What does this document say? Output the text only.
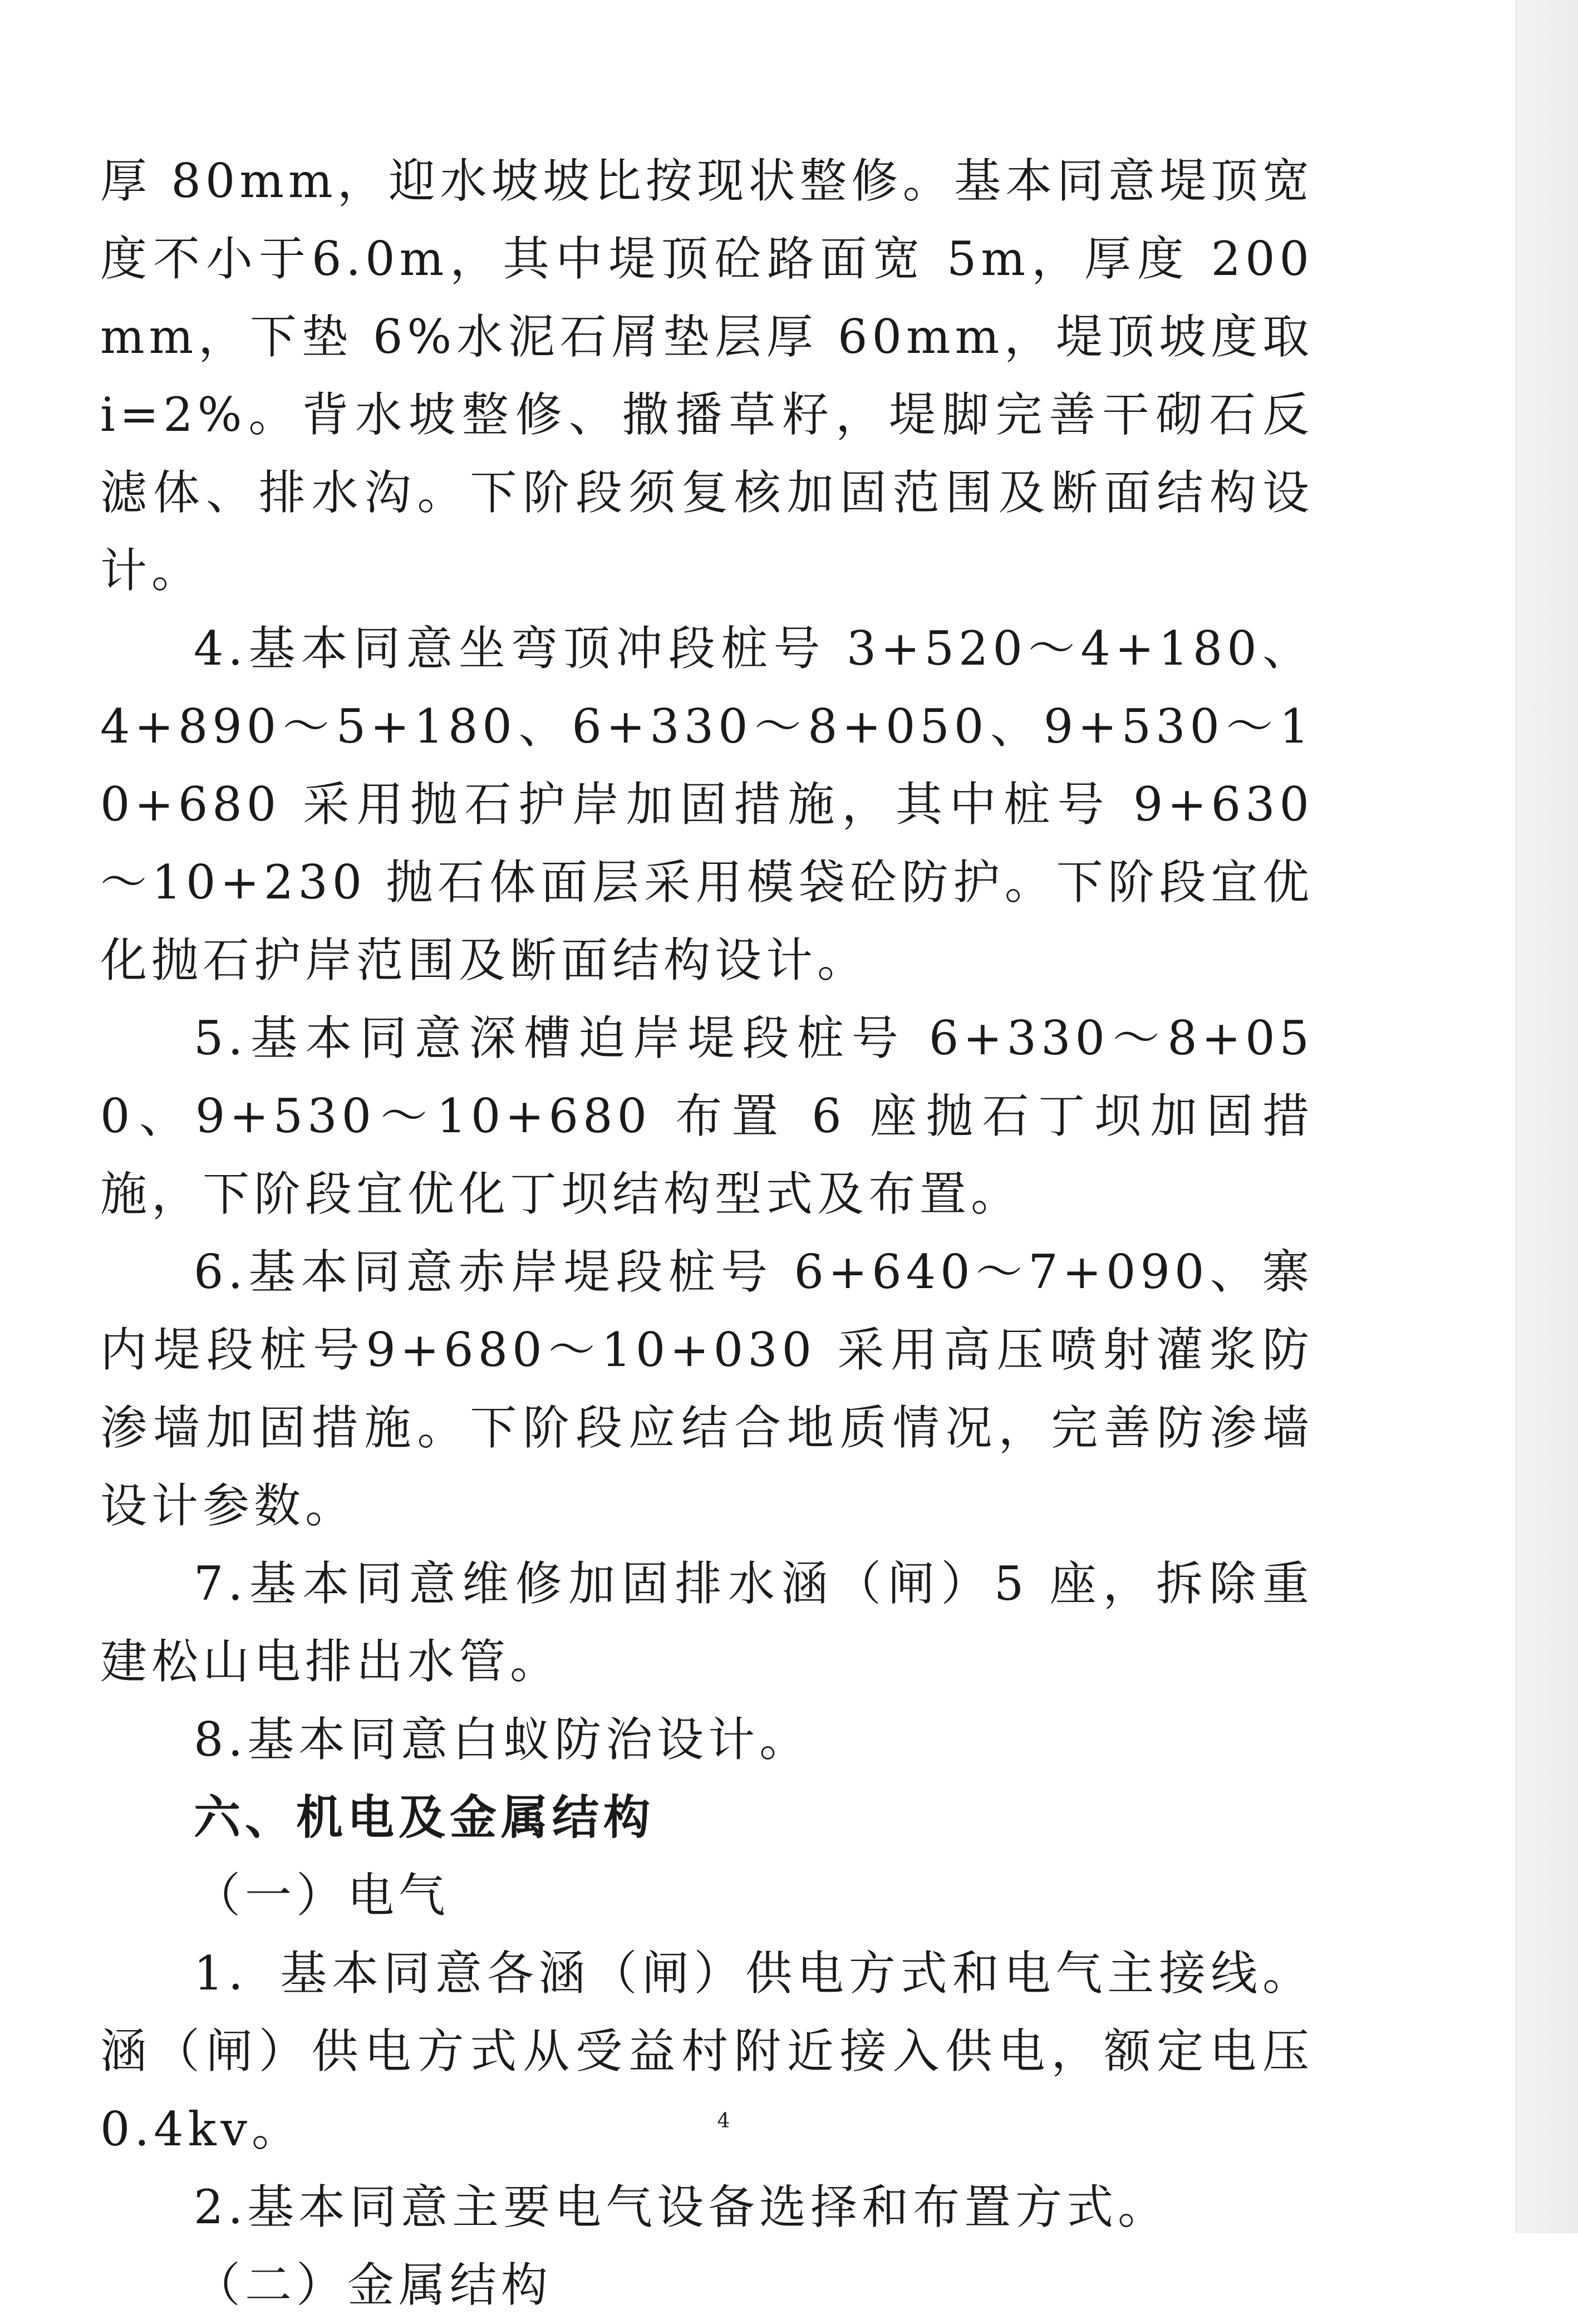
厚 80mm，迎水坡坡比按现状整修。基本同意堤顶宽度不小于6.0m，其中堤顶砼路面宽 5m，厚度 200mm，下垫 6%水泥石屑垫层厚 60mm，堤顶坡度取 i=2%。背水坡整修、撒播草籽，堤脚完善干砌石反滤体、排水沟。下阶段须复核加固范围及断面结构设计。

4.基本同意坐弯顶冲段桩号 3+520～4+180、4+890～5+180、6+330～8+050、9+530～10+680 采用抛石护岸加固措施，其中桩号 9+630～10+230 抛石体面层采用模袋砼防护。下阶段宜优化抛石护岸范围及断面结构设计。

5.基本同意深槽迫岸堤段桩号 6+330～8+050、9+530～10+680 布置 6 座抛石丁坝加固措施，下阶段宜优化丁坝结构型式及布置。

6.基本同意赤岸堤段桩号 6+640～7+090、寨内堤段桩号9+680～10+030 采用高压喷射灌浆防渗墙加固措施。下阶段应结合地质情况，完善防渗墙设计参数。

7.基本同意维修加固排水涵（闸）5 座，拆除重建松山电排出水管。

8.基本同意白蚁防治设计。

六、机电及金属结构

（一）电气

1．基本同意各涵（闸）供电方式和电气主接线。涵（闸）供电方式从受益村附近接入供电，额定电压 0.4kv。

2.基本同意主要电气设备选择和布置方式。

（二）金属结构

4
